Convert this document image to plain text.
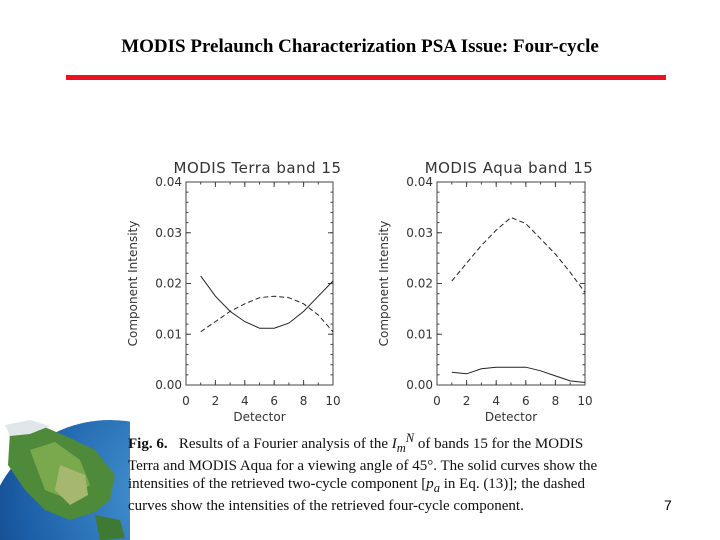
MODIS Prelaunch Characterization PSA Issue: Four-cycle
MODIS Terra band 15
0.00
0.01
0.02
0.03
0.04
0 2 4 6 8 10
Detector
Component Intensity
MODIS Aqua band 15
0.00
0.01
0.02
0.03
0.04
0 2 4 6 8 10
Detector
Component Intensity
Fig. 6. Results of a Fourier analysis of the $I_m^N$ of bands 15 for the MODIS Terra and MODIS Aqua for a viewing angle of 45°. The solid curves show the intensities of the retrieved two-cycle component [$p_a$ in Eq. (13)]; the dashed curves show the intensities of the retrieved four-cycle component.	7
